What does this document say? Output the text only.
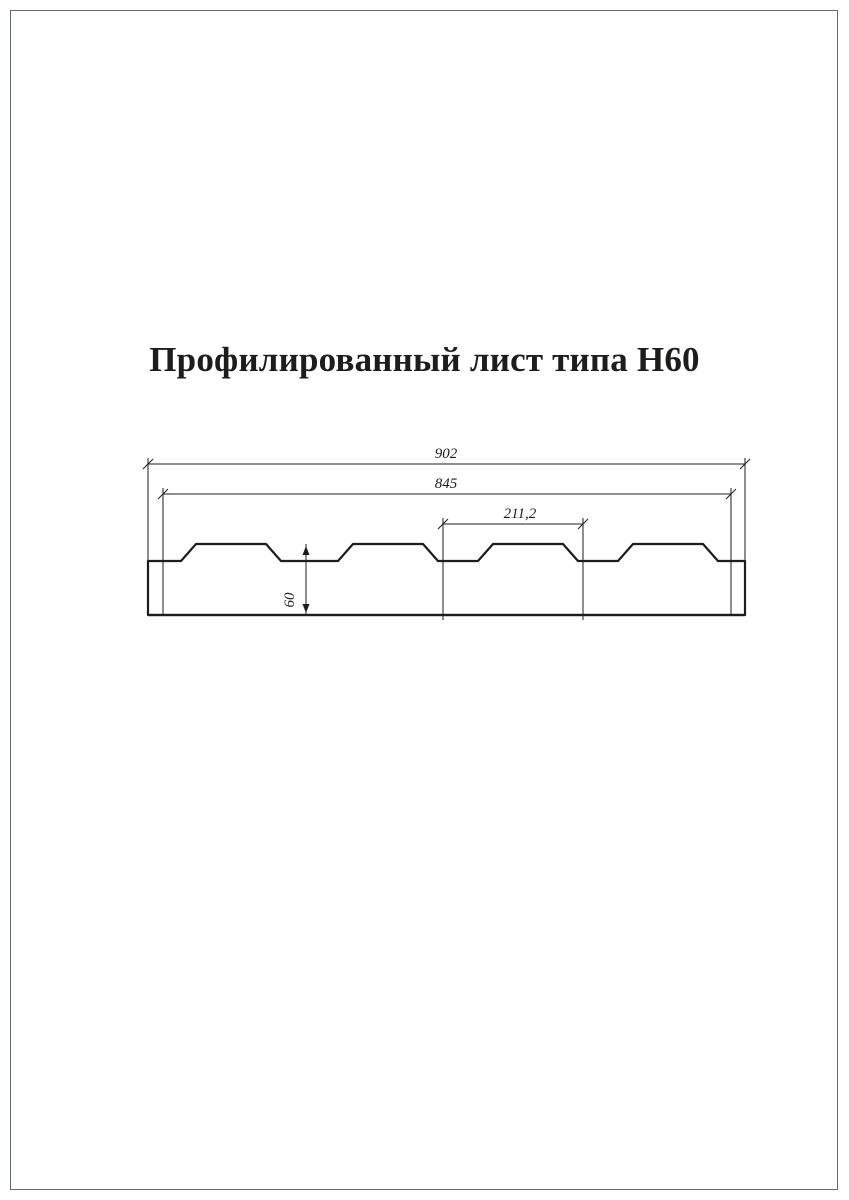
Профилированный лист типа Н60
902
845
211,2
60
